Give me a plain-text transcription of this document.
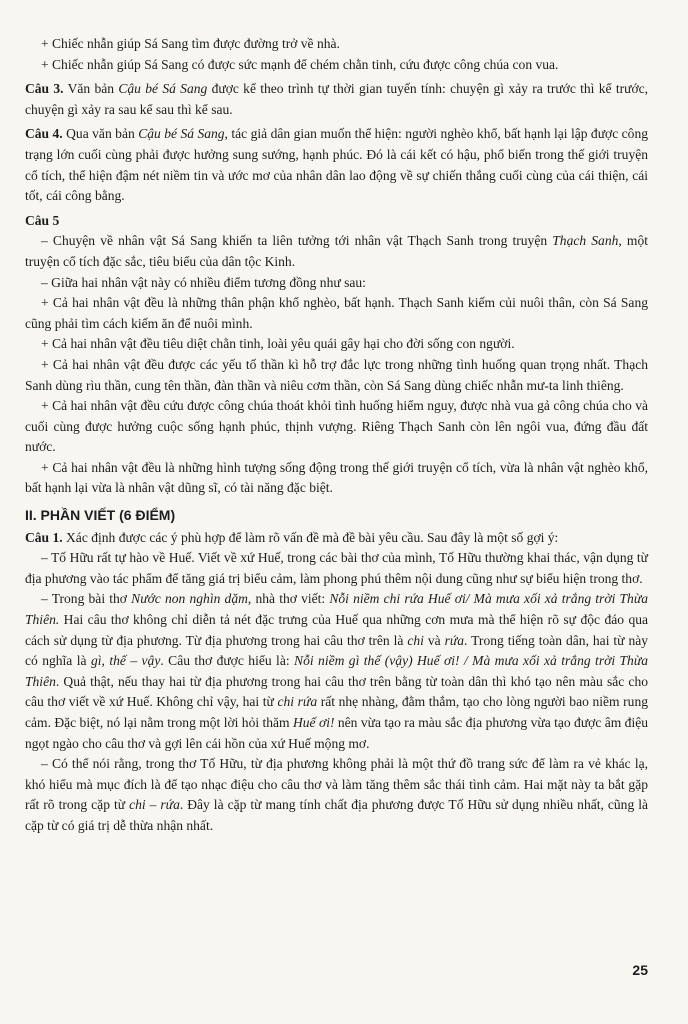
+ Chiếc nhẫn giúp Sá Sang tìm được đường trở về nhà.

+ Chiếc nhẫn giúp Sá Sang có được sức mạnh để chém chằn tinh, cứu được công chúa con vua.

Câu 3. Văn bản Cậu bé Sá Sang được kể theo trình tự thời gian tuyến tính: chuyện gì xảy ra trước thì kể trước, chuyện gì xảy ra sau kể sau thì kể sau.

Câu 4. Qua văn bản Cậu bé Sá Sang, tác giả dân gian muốn thể hiện: người nghèo khổ, bất hạnh lại lập được công trạng lớn cuối cùng phải được hưởng sung sướng, hạnh phúc. Đó là cái kết có hậu, phổ biến trong thế giới truyện cổ tích, thể hiện đậm nét niềm tin và ước mơ của nhân dân lao động về sự chiến thắng cuối cùng của cái thiện, cái tốt, cái công bằng.

Câu 5

– Chuyện về nhân vật Sá Sang khiến ta liên tưởng tới nhân vật Thạch Sanh trong truyện Thạch Sanh, một truyện cổ tích đặc sắc, tiêu biểu của dân tộc Kinh.

– Giữa hai nhân vật này có nhiều điểm tương đồng như sau:

+ Cả hai nhân vật đều là những thân phận khổ nghèo, bất hạnh. Thạch Sanh kiếm củi nuôi thân, còn Sá Sang cũng phải tìm cách kiếm ăn để nuôi mình.

+ Cả hai nhân vật đều tiêu diệt chằn tinh, loài yêu quái gây hại cho đời sống con người.

+ Cả hai nhân vật đều được các yếu tố thần kì hỗ trợ đắc lực trong những tình huống quan trọng nhất. Thạch Sanh dùng rìu thần, cung tên thần, đàn thần và niêu cơm thần, còn Sá Sang dùng chiếc nhẫn mư-ta linh thiêng.

+ Cả hai nhân vật đều cứu được công chúa thoát khỏi tình huống hiểm nguy, được nhà vua gả công chúa cho và cuối cùng được hưởng cuộc sống hạnh phúc, thịnh vượng. Riêng Thạch Sanh còn lên ngôi vua, đứng đầu đất nước.

+ Cả hai nhân vật đều là những hình tượng sống động trong thế giới truyện cổ tích, vừa là nhân vật nghèo khổ, bất hạnh lại vừa là nhân vật dũng sĩ, có tài năng đặc biệt.

II. PHẦN VIẾT (6 ĐIỂM)

Câu 1. Xác định được các ý phù hợp để làm rõ vấn đề mà đề bài yêu cầu. Sau đây là một số gợi ý:

– Tố Hữu rất tự hào về Huế. Viết về xứ Huế, trong các bài thơ của mình, Tố Hữu thường khai thác, vận dụng từ địa phương vào tác phẩm để tăng giá trị biểu cảm, làm phong phú thêm nội dung cũng như sự biểu hiện trong thơ.

– Trong bài thơ Nước non nghìn dặm, nhà thơ viết: Nỗi niềm chi rứa Huế ơi/ Mà mưa xối xả trắng trời Thừa Thiên. Hai câu thơ không chỉ diễn tả nét đặc trưng của Huế qua những cơn mưa mà thể hiện rõ sự độc đáo qua cách sử dụng từ địa phương. Từ địa phương trong hai câu thơ trên là chi và rứa. Trong tiếng toàn dân, hai từ này có nghĩa là gì, thế – vậy. Câu thơ được hiểu là: Nỗi niềm gì thế (vậy) Huế ơi! / Mà mưa xối xả trắng trời Thừa Thiên. Quả thật, nếu thay hai từ địa phương trong hai câu thơ trên bằng từ toàn dân thì khó tạo nên màu sắc cho câu thơ viết về xứ Huế. Không chỉ vậy, hai từ chi rứa rất nhẹ nhàng, đằm thắm, tạo cho lòng người bao niềm rung cảm. Đặc biệt, nó lại nằm trong một lời hỏi thăm Huế ơi! nên vừa tạo ra màu sắc địa phương vừa tạo được âm điệu ngọt ngào cho câu thơ và gợi lên cái hồn của xứ Huế mộng mơ.

– Có thể nói rằng, trong thơ Tố Hữu, từ địa phương không phải là một thứ đồ trang sức để làm ra vẻ khác lạ, khó hiểu mà mục đích là để tạo nhạc điệu cho câu thơ và làm tăng thêm sắc thái tình cảm. Hai mặt này ta bắt gặp rất rõ trong cặp từ chi – rứa. Đây là cặp từ mang tính chất địa phương được Tố Hữu sử dụng nhiều nhất, cũng là cặp từ có giá trị dễ thừa nhận nhất.

25
